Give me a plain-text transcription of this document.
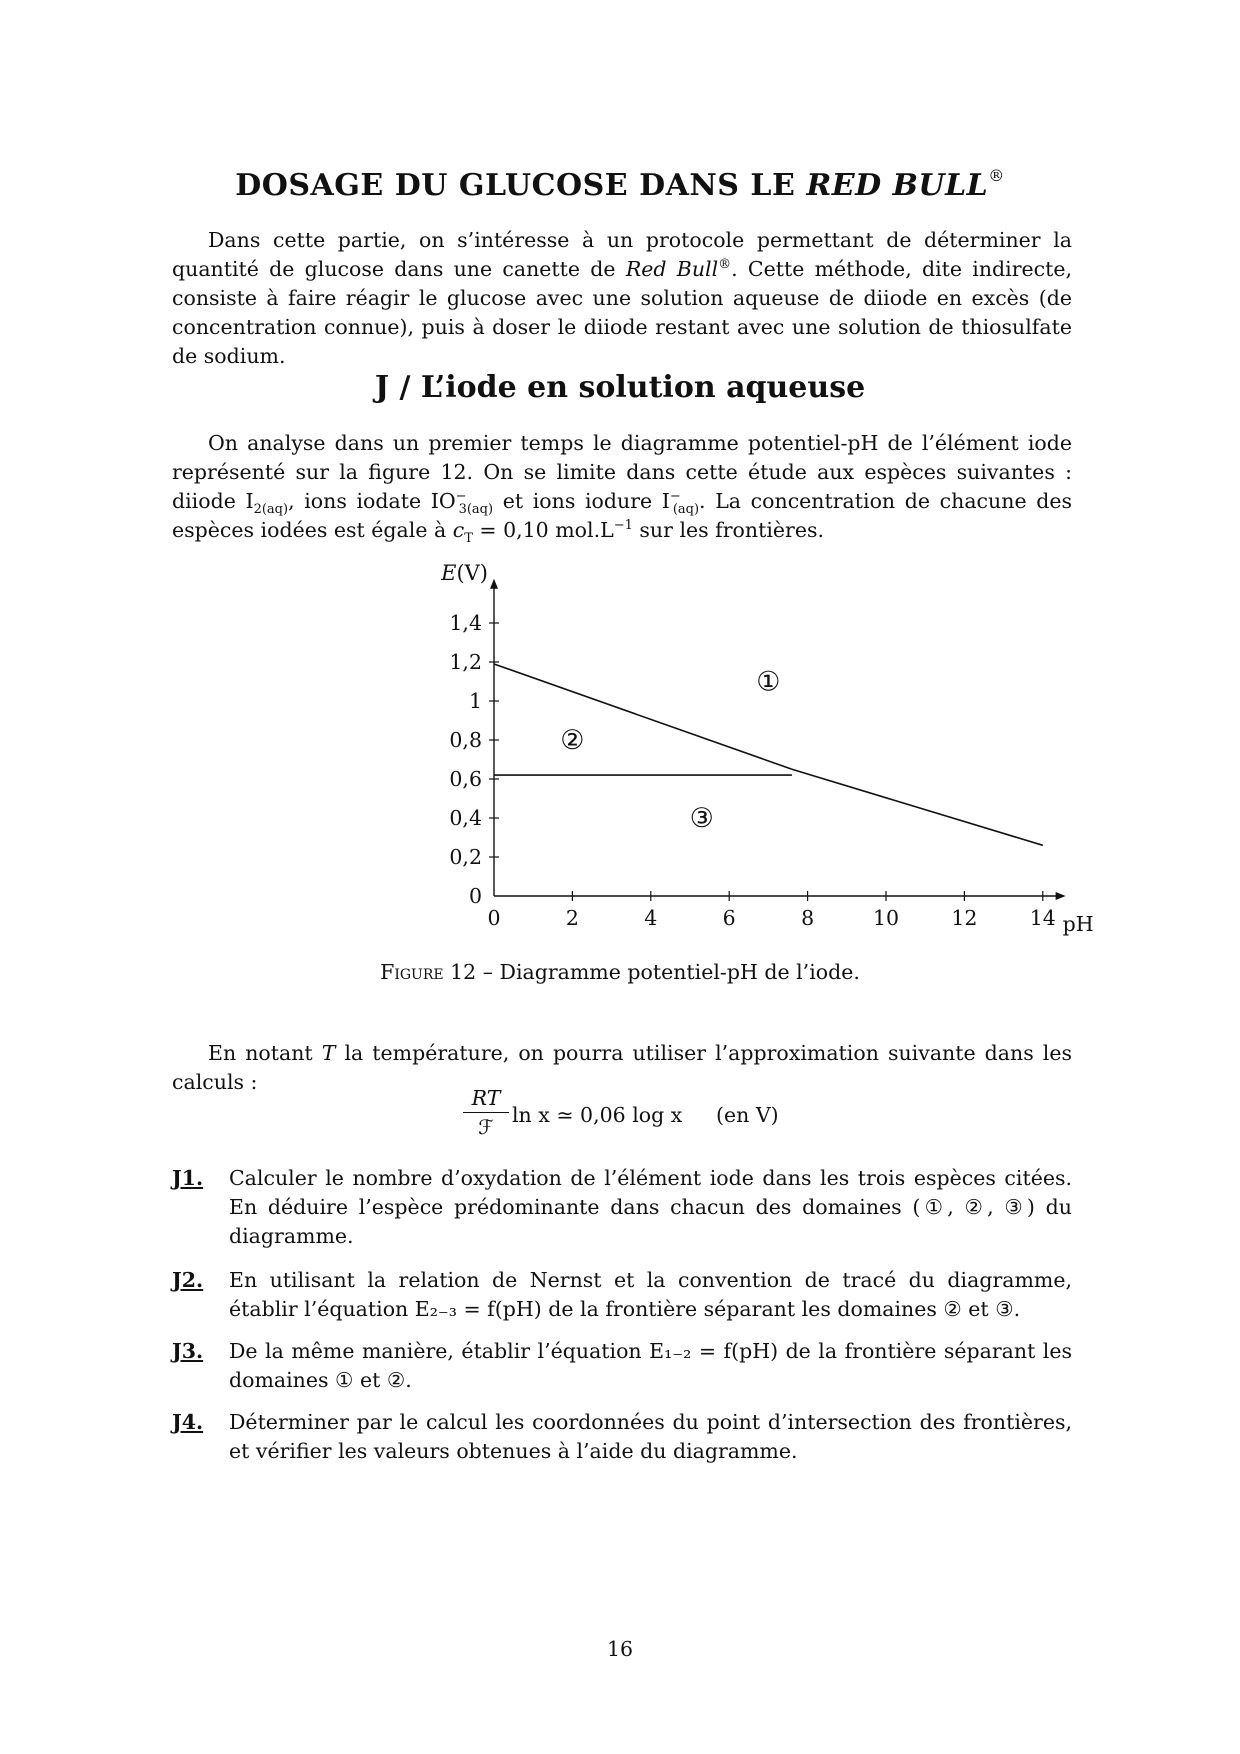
DOSAGE DU GLUCOSE DANS LE RED BULL®

Dans cette partie, on s’intéresse à un protocole permettant de déterminer la quantité de glucose dans une canette de Red Bull®. Cette méthode, dite indirecte, consiste à faire réagir le glucose avec une solution aqueuse de diiode en excès (de concentration connue), puis à doser le diiode restant avec une solution de thiosulfate de sodium.

J / L’iode en solution aqueuse

On analyse dans un premier temps le diagramme potentiel-pH de l’élément iode représenté sur la figure 12. On se limite dans cette étude aux espèces suivantes : diiode $I_{2(aq)}$, ions iodate $IO^-_{3(aq)}$ et ions iodure $I^-_{(aq)}$. La concentration de chacune des espèces iodées est égale à $c_T = 0,10$ $mol.L^{-1}$ sur les frontières.

0	2	4	6	8	10	12	14
0
0,2
0,4
0,6
0,8
1
1,2
1,4
E(V)
pH
①
②
③
Figure 12 – Diagramme potentiel-pH de l’iode.

En notant T la température, on pourra utiliser l’approximation suivante dans les calculs :

RT
ℱ ln x ≃ 0,06 log x (en V)
J1. Calculer le nombre d’oxydation de l’élément iode dans les trois espèces citées. En déduire l’espèce prédominante dans chacun des domaines (①, ②, ③) du diagramme.
J2. En utilisant la relation de Nernst et la convention de tracé du diagramme, établir l’équation E₂₋₃ = f(pH) de la frontière séparant les domaines ② et ③.
J3. De la même manière, établir l’équation E₁₋₂ = f(pH) de la frontière séparant les domaines ① et ②.
J4. Déterminer par le calcul les coordonnées du point d’intersection des frontières, et vérifier les valeurs obtenues à l’aide du diagramme.
16
